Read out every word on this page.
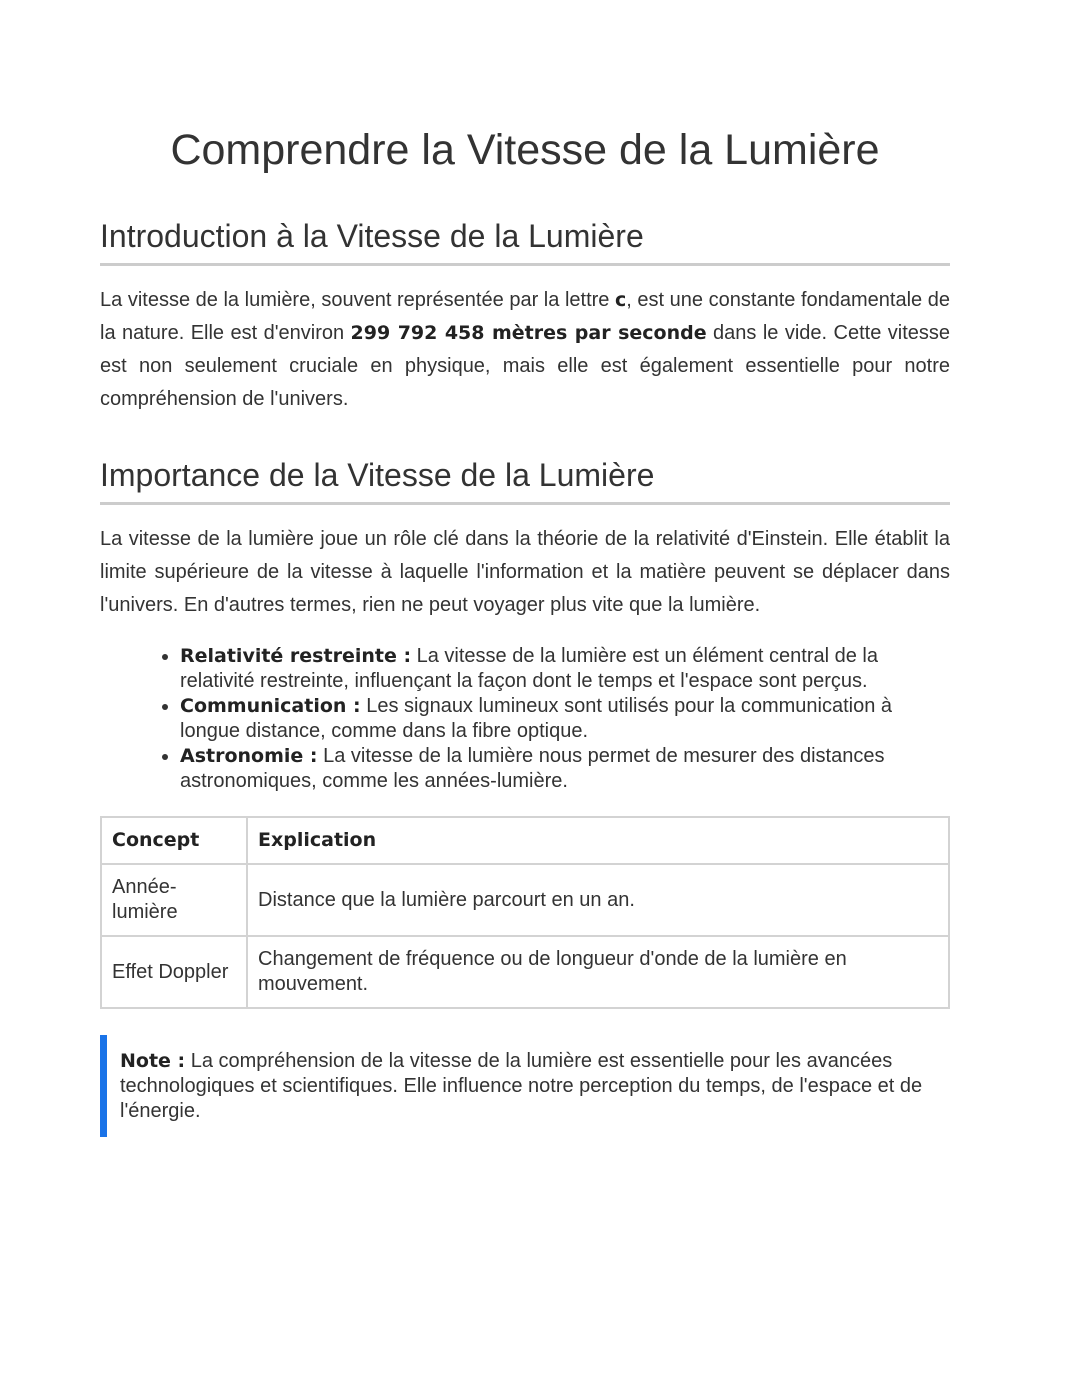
Comprendre la Vitesse de la Lumière
Introduction à la Vitesse de la Lumière

La vitesse de la lumière, souvent représentée par la lettre c, est une constante fondamentale de la nature. Elle est d'environ 299 792 458 mètres par seconde dans le vide. Cette vitesse est non seulement cruciale en physique, mais elle est également essentielle pour notre compréhension de l'univers.

Importance de la Vitesse de la Lumière

La vitesse de la lumière joue un rôle clé dans la théorie de la relativité d'Einstein. Elle établit la limite supérieure de la vitesse à laquelle l'information et la matière peuvent se déplacer dans l'univers. En d'autres termes, rien ne peut voyager plus vite que la lumière.

• Relativité restreinte : La vitesse de la lumière est un élément central de la relativité restreinte, influençant la façon dont le temps et l'espace sont perçus.
• Communication : Les signaux lumineux sont utilisés pour la communication à longue distance, comme dans la fibre optique.
• Astronomie : La vitesse de la lumière nous permet de mesurer des distances astronomiques, comme les années-lumière.
Concept	Explication
Année-lumière	Distance que la lumière parcourt en un an.
Effet Doppler	Changement de fréquence ou de longueur d'onde de la lumière en mouvement.
Note : La compréhension de la vitesse de la lumière est essentielle pour les avancées technologiques et scientifiques. Elle influence notre perception du temps, de l'espace et de l'énergie.
